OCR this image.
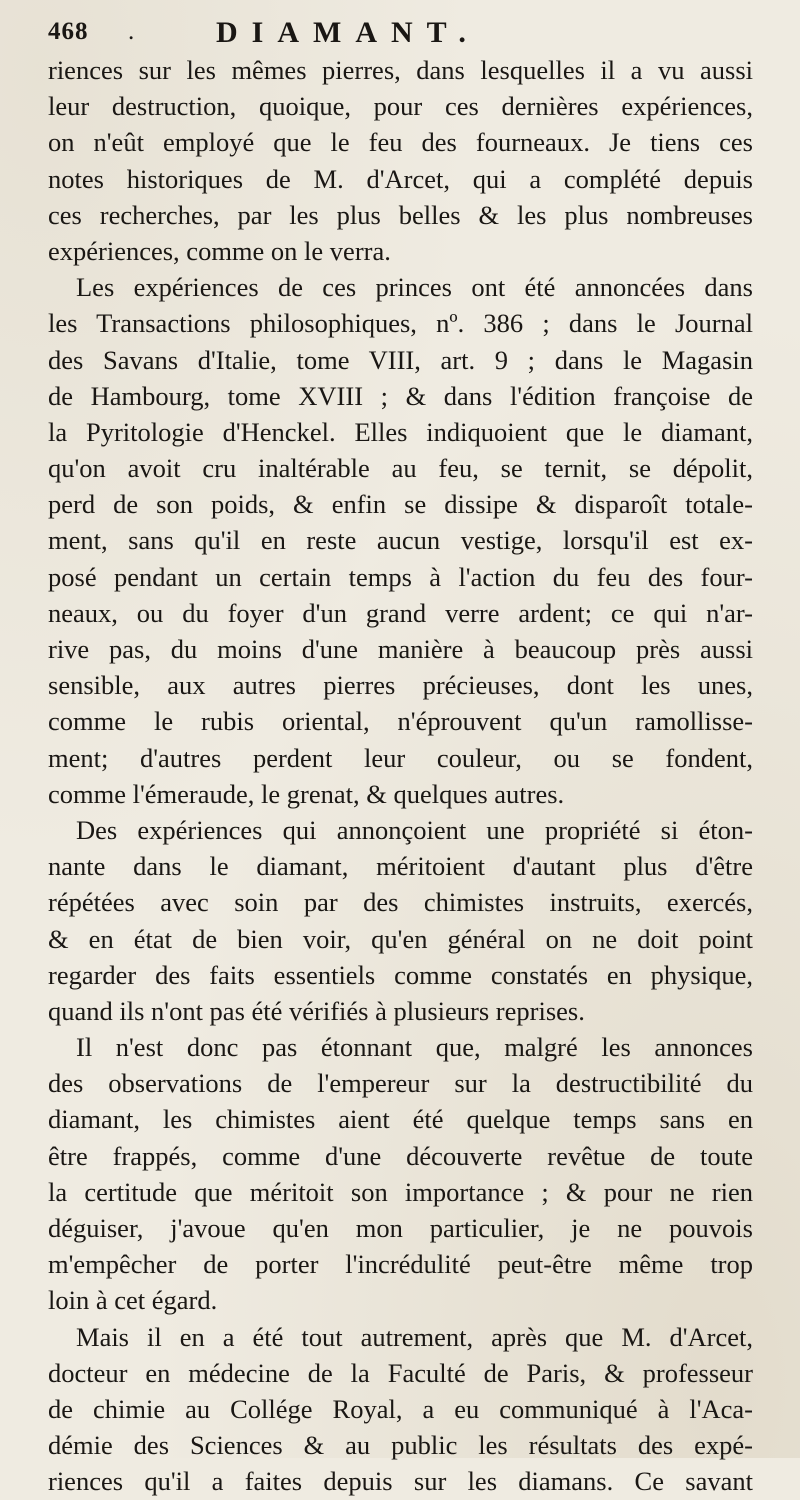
468 .	DIAMANT.
riences sur les mêmes pierres, dans lesquelles il a vu aussi
leur destruction, quoique, pour ces dernières expériences,
on n'eût employé que le feu des fourneaux. Je tiens ces
notes historiques de M. d'Arcet, qui a complété depuis
ces recherches, par les plus belles & les plus nombreuses
expériences, comme on le verra.
Les expériences de ces princes ont été annoncées dans
les Transactions philosophiques, nº. 386 ; dans le Journal
des Savans d'Italie, tome VIII, art. 9 ; dans le Magasin
de Hambourg, tome XVIII ; & dans l'édition françoise de
la Pyritologie d'Henckel. Elles indiquoient que le diamant,
qu'on avoit cru inaltérable au feu, se ternit, se dépolit,
perd de son poids, & enfin se dissipe & disparoît totale-
ment, sans qu'il en reste aucun vestige, lorsqu'il est ex-
posé pendant un certain temps à l'action du feu des four-
neaux, ou du foyer d'un grand verre ardent; ce qui n'ar-
rive pas, du moins d'une manière à beaucoup près aussi
sensible, aux autres pierres précieuses, dont les unes,
comme le rubis oriental, n'éprouvent qu'un ramollisse-
ment; d'autres perdent leur couleur, ou se fondent,
comme l'émeraude, le grenat, & quelques autres.
Des expériences qui annonçoient une propriété si éton-
nante dans le diamant, méritoient d'autant plus d'être
répétées avec soin par des chimistes instruits, exercés,
& en état de bien voir, qu'en général on ne doit point
regarder des faits essentiels comme constatés en physique,
quand ils n'ont pas été vérifiés à plusieurs reprises.
Il n'est donc pas étonnant que, malgré les annonces
des observations de l'empereur sur la destructibilité du
diamant, les chimistes aient été quelque temps sans en
être frappés, comme d'une découverte revêtue de toute
la certitude que méritoit son importance ; & pour ne rien
déguiser, j'avoue qu'en mon particulier, je ne pouvois
m'empêcher de porter l'incrédulité peut-être même trop
loin à cet égard.
Mais il en a été tout autrement, après que M. d'Arcet,
docteur en médecine de la Faculté de Paris, & professeur
de chimie au Collége Royal, a eu communiqué à l'Aca-
démie des Sciences & au public les résultats des expé-
riences qu'il a faites depuis sur les diamans. Ce savant
